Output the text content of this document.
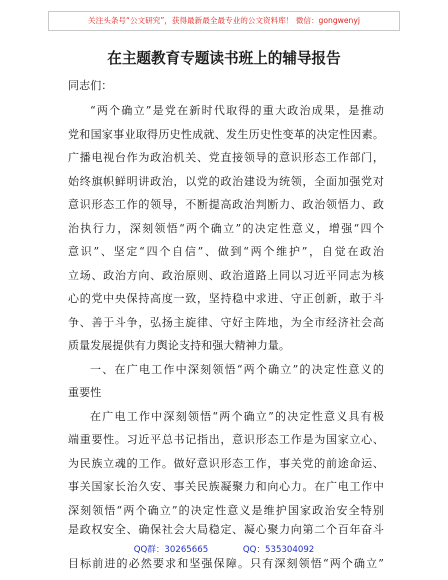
关注头条号“公文研究”，获得最新最全最专业的公文资料库！ 微信：gongwenyj
在主题教育专题读书班上的辅导报告
同志们：
“两个确立”是党在新时代取得的重大政治成果，是推动
党和国家事业取得历史性成就、发生历史性变革的决定性因素。
广播电视台作为政治机关、党直接领导的意识形态工作部门，
始终旗帜鲜明讲政治，以党的政治建设为统领，全面加强党对
意识形态工作的领导，不断提高政治判断力、政治领悟力、政
治执行力，深刻领悟“两个确立”的决定性意义，增强“四个
意识”、坚定“四个自信”、做到“两个维护”，自觉在政治
立场、政治方向、政治原则、政治道路上同以习近平同志为核
心的党中央保持高度一致，坚持稳中求进、守正创新，敢于斗
争、善于斗争，弘扬主旋律、守好主阵地，为全市经济社会高
质量发展提供有力舆论支持和强大精神力量。
一、在广电工作中深刻领悟“两个确立”的决定性意义的
重要性
在广电工作中深刻领悟“两个确立”的决定性意义具有极
端重要性。习近平总书记指出，意识形态工作是为国家立心、
为民族立魂的工作。做好意识形态工作，事关党的前途命运、
事关国家长治久安、事关民族凝聚力和向心力。在广电工作中
深刻领悟“两个确立”的决定性意义是维护国家政治安全特别
是政权安全、确保社会大局稳定、凝心聚力向第二个百年奋斗
目标前进的必然要求和坚强保障。只有深刻领悟“两个确立”
QQ群：30265665	QQ：535304092
